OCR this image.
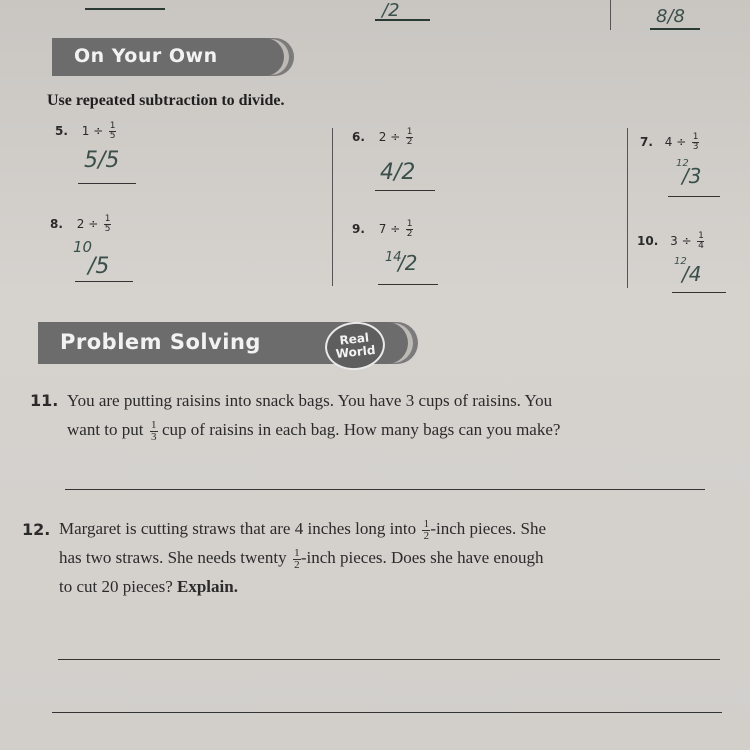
/2	8/8
On Your Own
Use repeated subtraction to divide.
5. $1 \div \frac{1}{5}$
5/5
6. $2 \div \frac{1}{2}$
4/2
7. $4 \div \frac{1}{3}$
12
/3
8. $2 \div \frac{1}{5}$
10
/5
9. $7 \div \frac{1}{2}$
14
/2
10. $3 \div \frac{1}{4}$
12
/4
Problem Solving	Real
World
11. You are putting raisins into snack bags. You have 3 cups of raisins. You
want to put $\frac{1}{3}$ cup of raisins in each bag. How many bags can you make?
12. Margaret is cutting straws that are 4 inches long into $\frac{1}{2}$ -inch pieces. She
has two straws. She needs twenty $\frac{1}{2}$ -inch pieces. Does she have enough
to cut 20 pieces? Explain.
